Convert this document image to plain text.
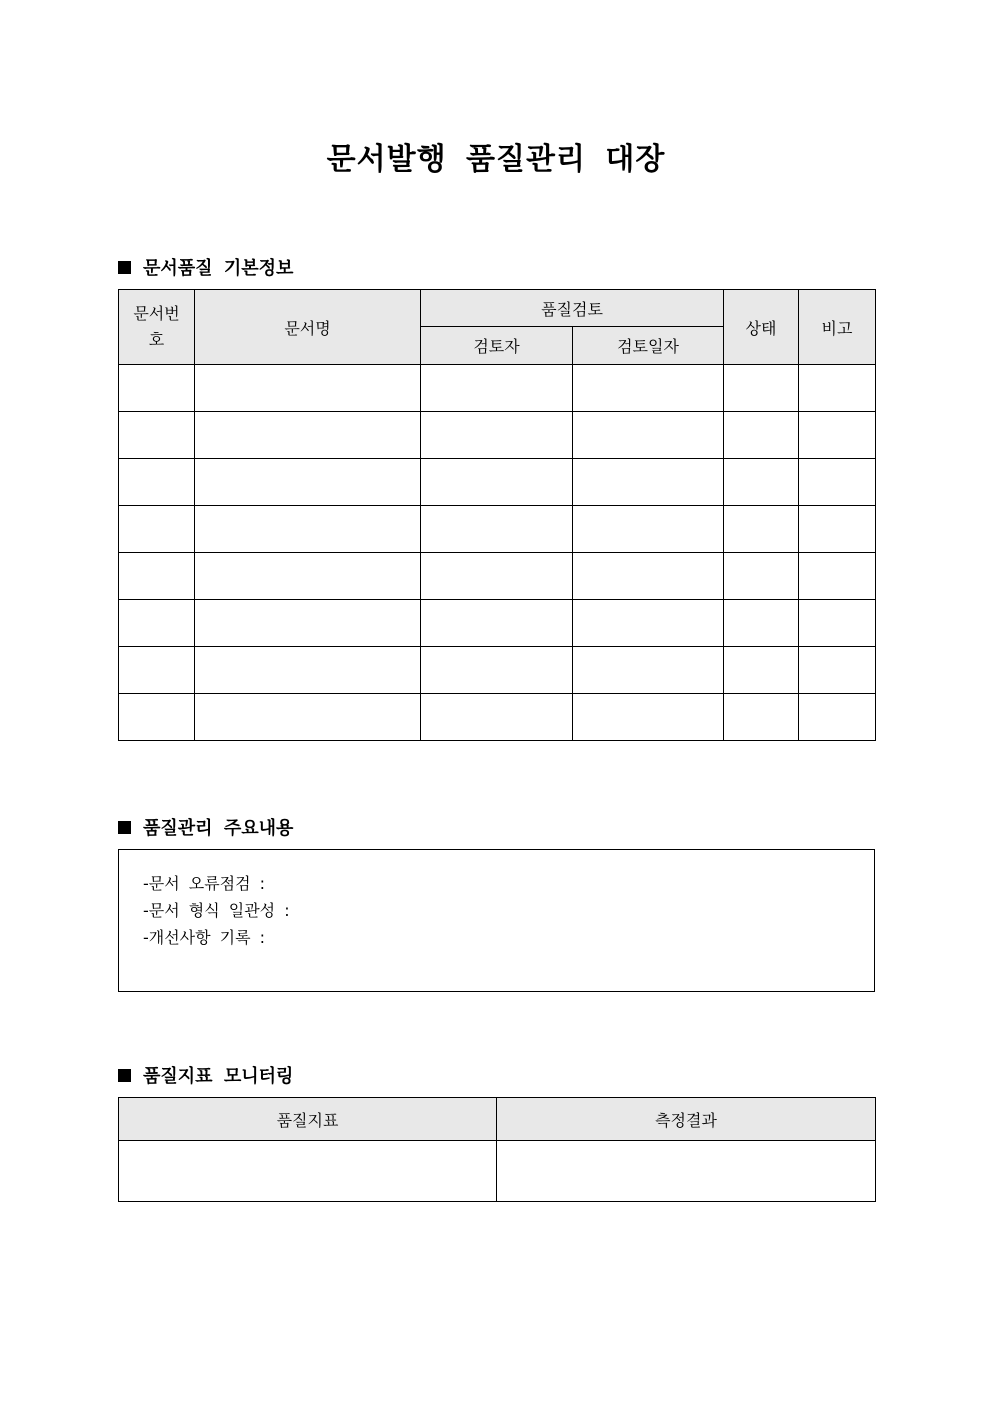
문서발행 품질관리 대장
문서품질 기본정보
문서번호	문서명	품질검토		상태	비고
		검토자	검토일자		

품질관리 주요내용
-문서 오류점검 :
-문서 형식 일관성 :
-개선사항 기록 :
품질지표 모니터링
품질지표	측정결과
